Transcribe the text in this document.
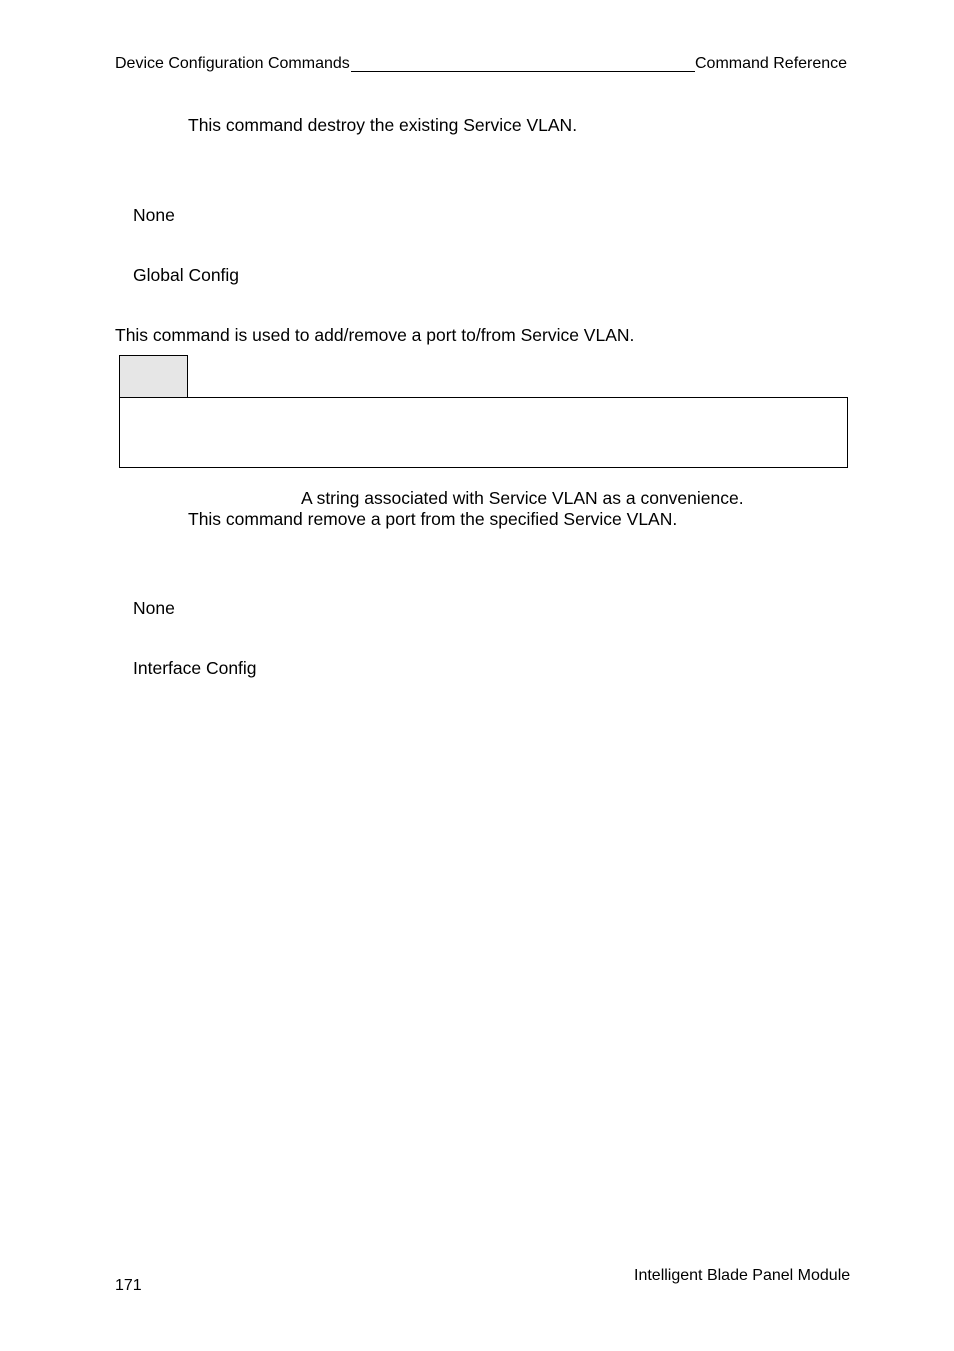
Device Configuration Commands	Command Reference
This command destroy the existing Service VLAN.
None
Global Config
This command is used to add/remove a port to/from Service VLAN.
A string associated with Service VLAN as a convenience.
This command remove a port from the specified Service VLAN.
None
Interface Config
Intelligent Blade Panel Module
171
